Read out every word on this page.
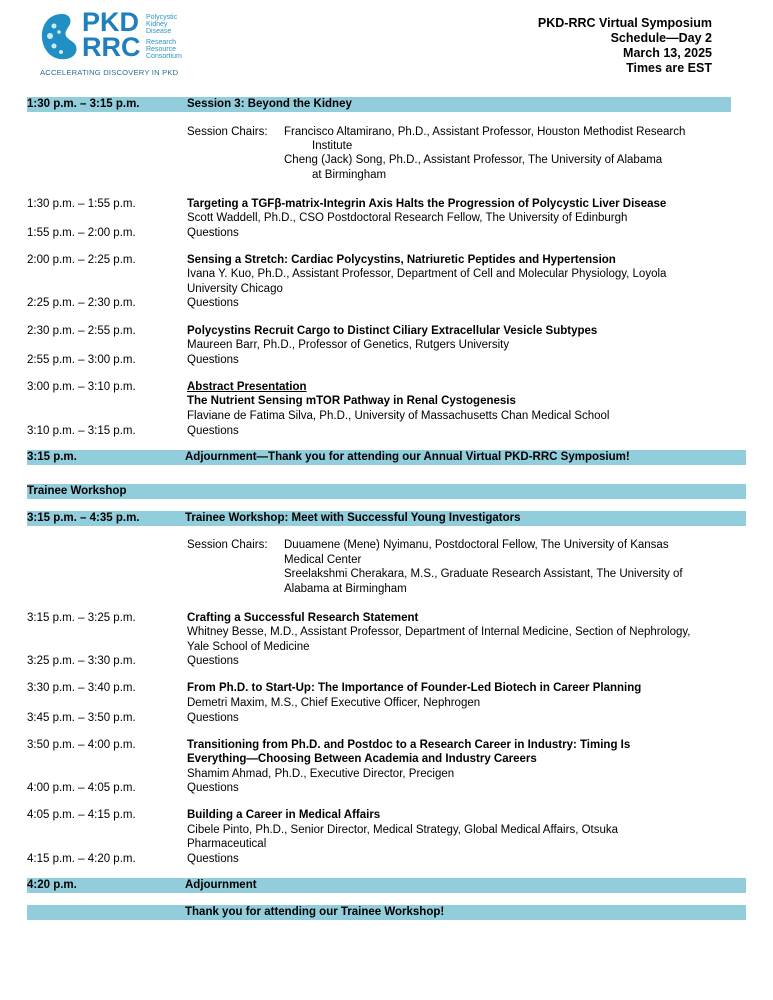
PKD
RRC
Polycystic
Kidney
Disease
Research
Resource
Consortium
ACCELERATING DISCOVERY IN PKD
PKD-RRC Virtual Symposium
Schedule—Day 2
March 13, 2025
Times are EST
1:30 p.m. – 3:15 p.m.	Session 3: Beyond the Kidney
Session Chairs: Francisco Altamirano, Ph.D., Assistant Professor, Houston Methodist Research
Institute
Cheng (Jack) Song, Ph.D., Assistant Professor, The University of Alabama
at Birmingham
1:30 p.m. – 1:55 p.m.	Targeting a TGFβ-matrix-Integrin Axis Halts the Progression of Polycystic Liver Disease
Scott Waddell, Ph.D., CSO Postdoctoral Research Fellow, The University of Edinburgh
1:55 p.m. – 2:00 p.m.	Questions
2:00 p.m. – 2:25 p.m.	Sensing a Stretch: Cardiac Polycystins, Natriuretic Peptides and Hypertension
Ivana Y. Kuo, Ph.D., Assistant Professor, Department of Cell and Molecular Physiology, Loyola
University Chicago
2:25 p.m. – 2:30 p.m.	Questions
2:30 p.m. – 2:55 p.m.	Polycystins Recruit Cargo to Distinct Ciliary Extracellular Vesicle Subtypes
Maureen Barr, Ph.D., Professor of Genetics, Rutgers University
2:55 p.m. – 3:00 p.m.	Questions
3:00 p.m. – 3:10 p.m.	Abstract Presentation
The Nutrient Sensing mTOR Pathway in Renal Cystogenesis
Flaviane de Fatima Silva, Ph.D., University of Massachusetts Chan Medical School
3:10 p.m. – 3:15 p.m.	Questions
3:15 p.m.	Adjournment—Thank you for attending our Annual Virtual PKD-RRC Symposium!
Trainee Workshop
3:15 p.m. – 4:35 p.m.	Trainee Workshop: Meet with Successful Young Investigators
Session Chairs: Duuamene (Mene) Nyimanu, Postdoctoral Fellow, The University of Kansas
Medical Center
Sreelakshmi Cherakara, M.S., Graduate Research Assistant, The University of
Alabama at Birmingham
3:15 p.m. – 3:25 p.m.	Crafting a Successful Research Statement
Whitney Besse, M.D., Assistant Professor, Department of Internal Medicine, Section of Nephrology,
Yale School of Medicine
3:25 p.m. – 3:30 p.m.	Questions
3:30 p.m. – 3:40 p.m.	From Ph.D. to Start-Up: The Importance of Founder-Led Biotech in Career Planning
Demetri Maxim, M.S., Chief Executive Officer, Nephrogen
3:45 p.m. – 3:50 p.m.	Questions
3:50 p.m. – 4:00 p.m.	Transitioning from Ph.D. and Postdoc to a Research Career in Industry: Timing Is
Everything—Choosing Between Academia and Industry Careers
Shamim Ahmad, Ph.D., Executive Director, Precigen
4:00 p.m. – 4:05 p.m.	Questions
4:05 p.m. – 4:15 p.m.	Building a Career in Medical Affairs
Cibele Pinto, Ph.D., Senior Director, Medical Strategy, Global Medical Affairs, Otsuka
Pharmaceutical
4:15 p.m. – 4:20 p.m.	Questions
4:20 p.m.	Adjournment
Thank you for attending our Trainee Workshop!
